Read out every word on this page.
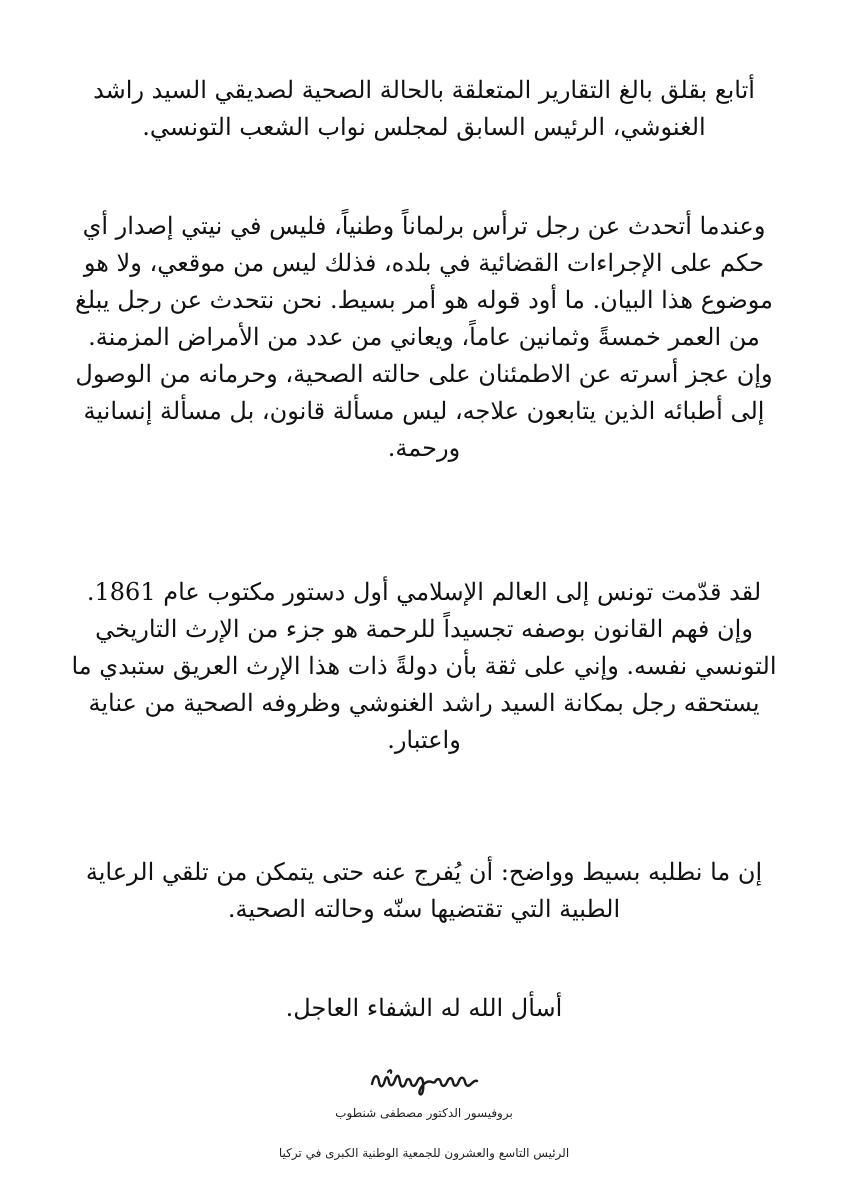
أتابع بقلق بالغ التقارير المتعلقة بالحالة الصحية لصديقي السيد راشد
الغنوشي، الرئيس السابق لمجلس نواب الشعب التونسي.

وعندما أتحدث عن رجل ترأس برلماناً وطنياً، فليس في نيتي إصدار أي
حكم على الإجراءات القضائية في بلده، فذلك ليس من موقعي، ولا هو
موضوع هذا البيان. ما أود قوله هو أمر بسيط. نحن نتحدث عن رجل يبلغ
من العمر خمسةً وثمانين عاماً، ويعاني من عدد من الأمراض المزمنة.
وإن عجز أسرته عن الاطمئنان على حالته الصحية، وحرمانه من الوصول
إلى أطبائه الذين يتابعون علاجه، ليس مسألة قانون، بل مسألة إنسانية
ورحمة.

لقد قدّمت تونس إلى العالم الإسلامي أول دستور مكتوب عام 1861.
وإن فهم القانون بوصفه تجسيداً للرحمة هو جزء من الإرث التاريخي
التونسي نفسه. وإني على ثقة بأن دولةً ذات هذا الإرث العريق ستبدي ما
يستحقه رجل بمكانة السيد راشد الغنوشي وظروفه الصحية من عناية
واعتبار.

إن ما نطلبه بسيط وواضح: أن يُفرج عنه حتى يتمكن من تلقي الرعاية
الطبية التي تقتضيها سنّه وحالته الصحية.

أسأل الله له الشفاء العاجل.

بروفيسور الدكتور مصطفى شنطوب
الرئيس التاسع والعشرون للجمعية الوطنية الكبرى في تركيا
